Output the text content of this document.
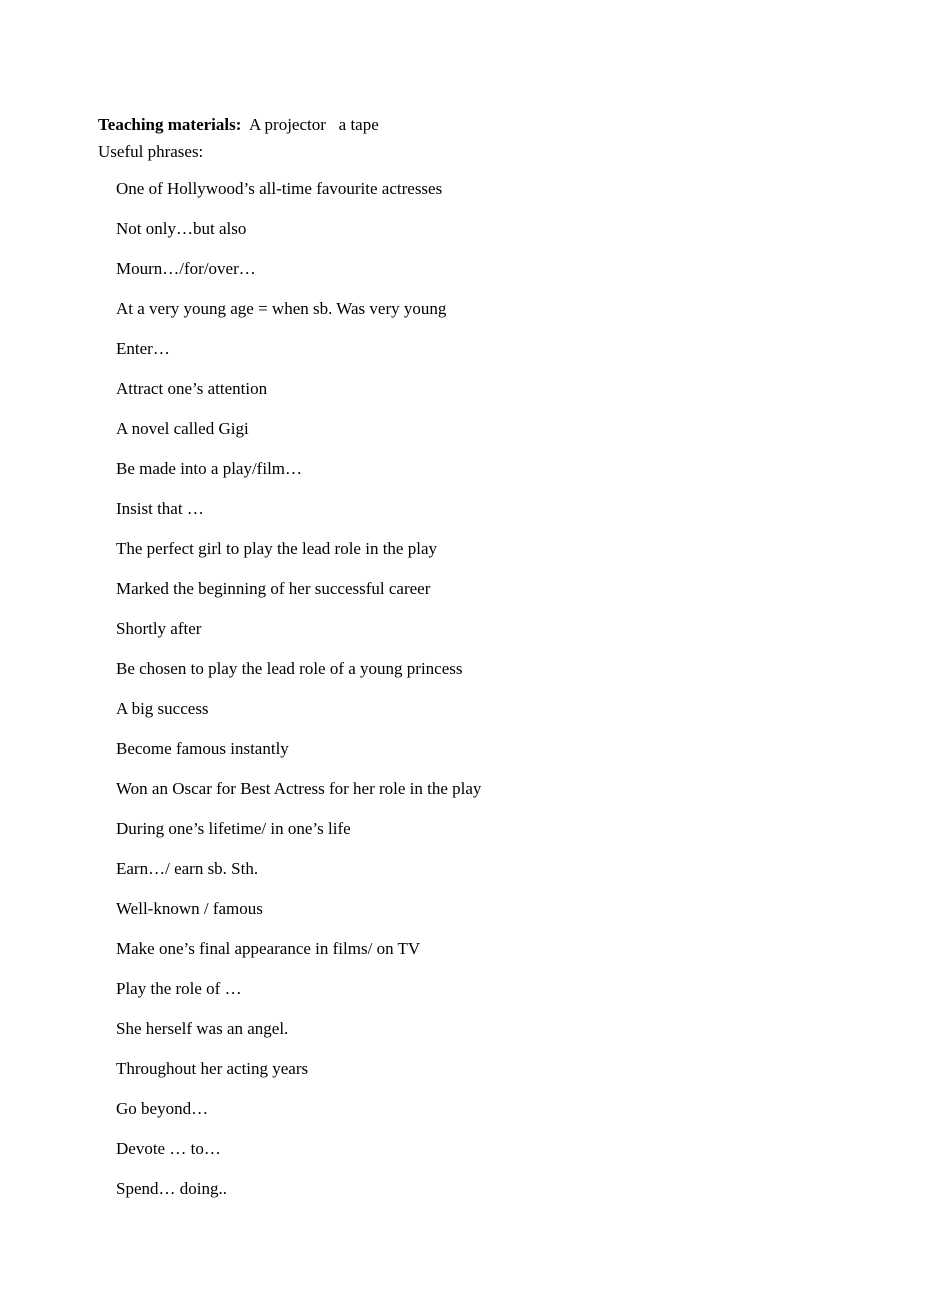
Teaching materials: A projector   a tape
Useful phrases:
One of Hollywood’s all-time favourite actresses
Not only…but also
Mourn…/for/over…
At a very young age = when sb. Was very young
Enter…
Attract one’s attention
A novel called Gigi
Be made into a play/film…
Insist that …
The perfect girl to play the lead role in the play
Marked the beginning of her successful career
Shortly after
Be chosen to play the lead role of a young princess
A big success
Become famous instantly
Won an Oscar for Best Actress for her role in the play
During one’s lifetime/ in one’s life
Earn…/ earn sb. Sth.
Well-known / famous
Make one’s final appearance in films/ on TV
Play the role of …
She herself was an angel.
Throughout her acting years
Go beyond…
Devote … to…
Spend… doing..
